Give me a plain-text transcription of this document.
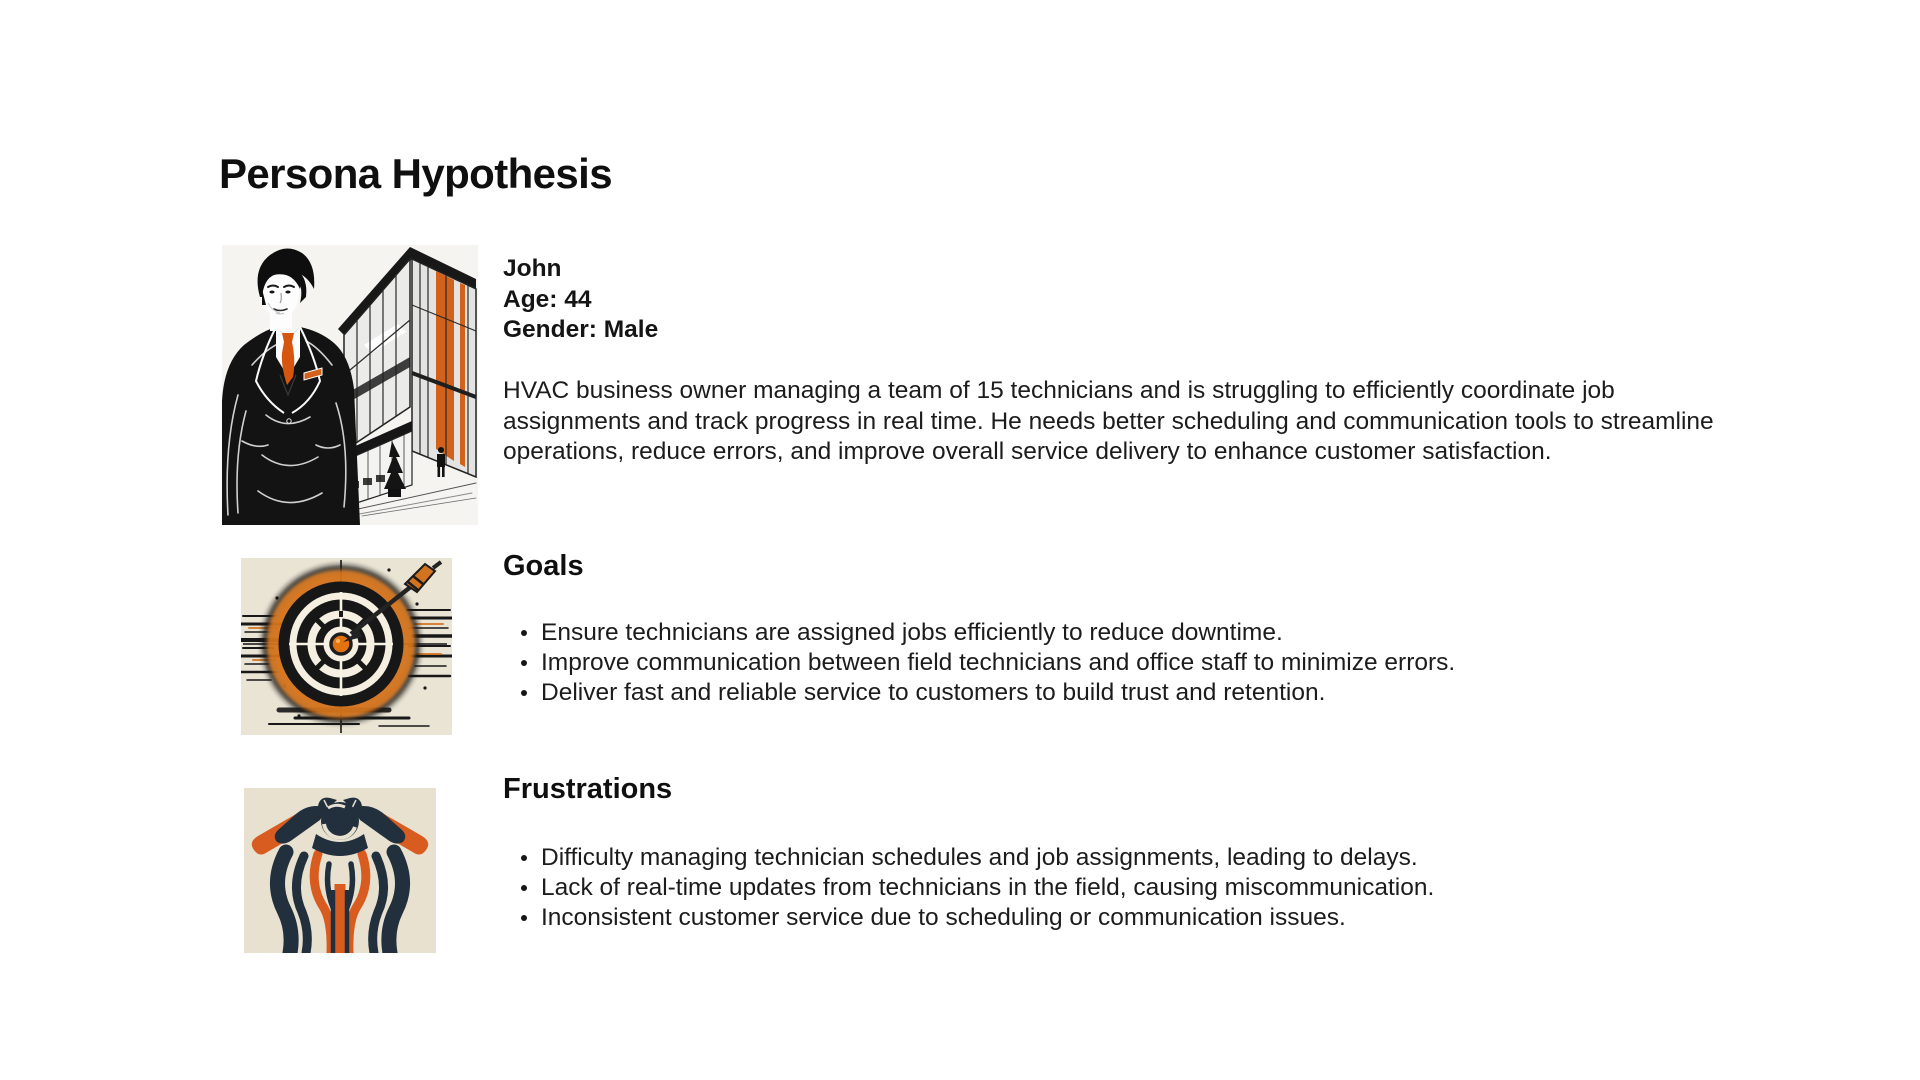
Persona Hypothesis
John
Age: 44
Gender: Male

HVAC business owner managing a team of 15 technicians and is struggling to efficiently coordinate job assignments and track progress in real time. He needs better scheduling and communication tools to streamline operations, reduce errors, and improve overall service delivery to enhance customer satisfaction.

Goals
Ensure technicians are assigned jobs efficiently to reduce downtime.
Improve communication between field technicians and office staff to minimize errors.
Deliver fast and reliable service to customers to build trust and retention.
Frustrations
Difficulty managing technician schedules and job assignments, leading to delays.
Lack of real-time updates from technicians in the field, causing miscommunication.
Inconsistent customer service due to scheduling or communication issues.
